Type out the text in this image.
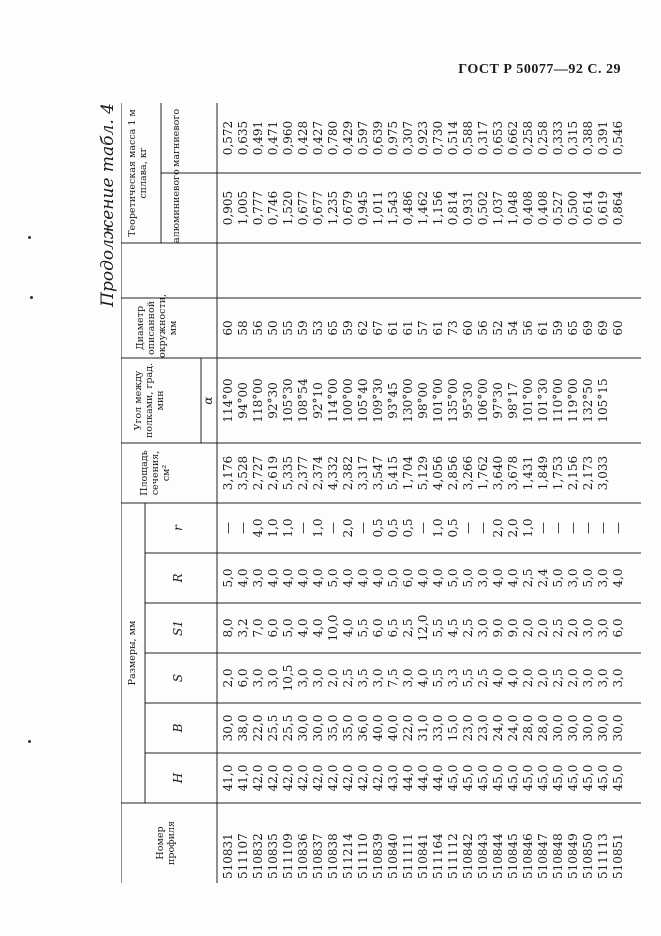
ГОСТ Р 50077—92 С. 29
Продолжение табл. 4
Номер профиля
Размеры, мм
H
B
S
S1
R
r
Площадь сечения, см²
Угол между полками, град. мин	α
Диаметр описанной окружности, мм
Теоретическая масса 1 м сплава, кг алюминиевого
магниевого
510831 511107 510832 510835 511109 510836 510837 510838 511214 511110 510839 510840 511111 510841 511164 511112 510842 510843 510844 510845 510846 510847 510848 510849 510850 511113 510851
41,0 41,0 42,0 42,0 42,0 42,0 42,0 42,0 42,0 42,0 42,0 43,0 44,0 44,0 44,0 45,0 45,0 45,0 45,0 45,0 45,0 45,0 45,0 45,0 45,0 45,0 45,0
30,0 38,0 22,0 25,5 25,5 30,0 30,0 35,0 35,0 36,0 40,0 40,0 22,0 31,0 33,0 15,0 23,0 23,0 24,0 24,0 28,0 28,0 30,0 30,0 30,0 30,0 30,0
2,0 6,0 3,0 3,0 10,5 3,0 3,0 2,0 2,5 3,5 3,0 7,5 3,0 4,0 5,5 3,3 5,5 2,5 4,0 4,0 2,0 2,0 2,5 2,0 3,0 3,0 3,0
8,0 3,2 7,0 6,0 5,0 4,0 4,0 10,0 4,0 5,5 6,0 6,5 2,5 12,0 5,5 4,5 2,5 3,0 9,0 9,0 2,0 2,0 2,5 2,0 3,0 3,0 6,0
5,0 4,0 3,0 4,0 4,0 4,0 4,0 5,0 4,0 4,0 4,0 5,0 6,0 4,0 4,0 5,0 5,0 3,0 4,0 4,0 2,5 2,4 5,0 3,0 5,0 3,0 4,0
— — 4,0 1,0 1,0 — 1,0 — 2,0 — 0,5 0,5 0,5 — 1,0 0,5 — — 2,0 2,0 1,0 — — — — — —
3,176 3,528 2,727 2,619 5,335 2,377 2,374 4,332 2,382 3,317 3,547 5,415 1,704 5,129 4,056 2,856 3,266 1,762 3,640 3,678 1,431 1,849 1,753 2,156 2,173 3,033

114°00 94°00 118°00 92°30 105°30 108°54 92°10 114°00 100°00 105°40 109°30 93°45 130°00 98°00 101°00 135°00 95°30 106°00 97°30 98°17 101°00 101°30 110°00 119°00 132°50 105°15

60 58 56 50 55 59 53 65 59 62 67 61 61 57 61 73 60 56 52 54 56 61 59 65 69 69 60
0,905 1,005 0,777 0,746 1,520 0,677 0,677 1,235 0,679 0,945 1,011 1,543 0,486 1,462 1,156 0,814 0,931 0,502 1,037 1,048 0,408 0,408 0,527 0,500 0,614 0,619 0,864
0,572 0,635 0,491 0,471 0,960 0,428 0,427 0,780 0,429 0,597 0,639 0,975 0,307 0,923 0,730 0,514 0,588 0,317 0,653 0,662 0,258 0,258 0,333 0,315 0,388 0,391 0,546
